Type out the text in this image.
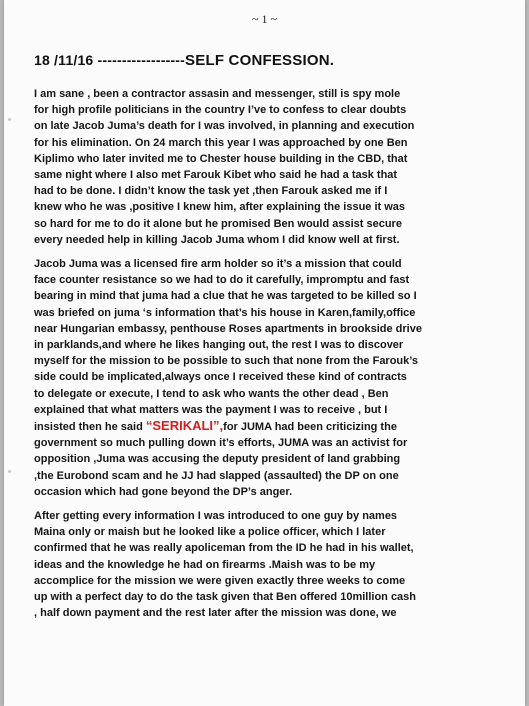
~ 1 ~
18 /11/16 ------------------SELF CONFESSION.

I am sane , been a contractor assasin and messenger, still is spy mole
for high profile politicians in the country I’ve to confess to clear doubts
on late Jacob Juma’s death for I was involved, in planning and execution
for his elimination. On 24 march this year I was approached by one Ben
Kiplimo who later invited me to Chester house building in the CBD, that
same night where I also met Farouk Kibet who said he had a task that
had to be done. I didn’t know the task yet ,then Farouk asked me if I
knew who he was ,positive I knew him, after explaining the issue it was
so hard for me to do it alone but he promised Ben would assist secure
every needed help in killing Jacob Juma whom I did know well at first.

Jacob Juma was a licensed fire arm holder so it’s a mission that could
face counter resistance so we had to do it carefully, impromptu and fast
bearing in mind that juma had a clue that he was targeted to be killed so I
was briefed on juma ‘s information that’s his house in Karen,family,office
near Hungarian embassy, penthouse Roses apartments in brookside drive
in parklands,and where he likes hanging out, the rest I was to discover
myself for the mission to be possible to such that none from the Farouk’s
side could be implicated,always once I received these kind of contracts
to delegate or execute, I tend to ask who wants the other dead , Ben
explained that what matters was the payment I was to receive , but I
insisted then he said “SERIKALI”,for JUMA had been criticizing the
government so much pulling down it’s efforts, JUMA was an activist for
opposition ,Juma was accusing the deputy president of land grabbing
,the Eurobond scam and he JJ had slapped (assaulted) the DP on one
occasion which had gone beyond the DP’s anger.

After getting every information I was introduced to one guy by names
Maina only or maish but he looked like a police officer, which I later
confirmed that he was really apoliceman from the ID he had in his wallet,
ideas and the knowledge he had on firearms .Maish was to be my
accomplice for the mission we were given exactly three weeks to come
up with a perfect day to do the task given that Ben offered 10million cash
, half down payment and the rest later after the mission was done, we
